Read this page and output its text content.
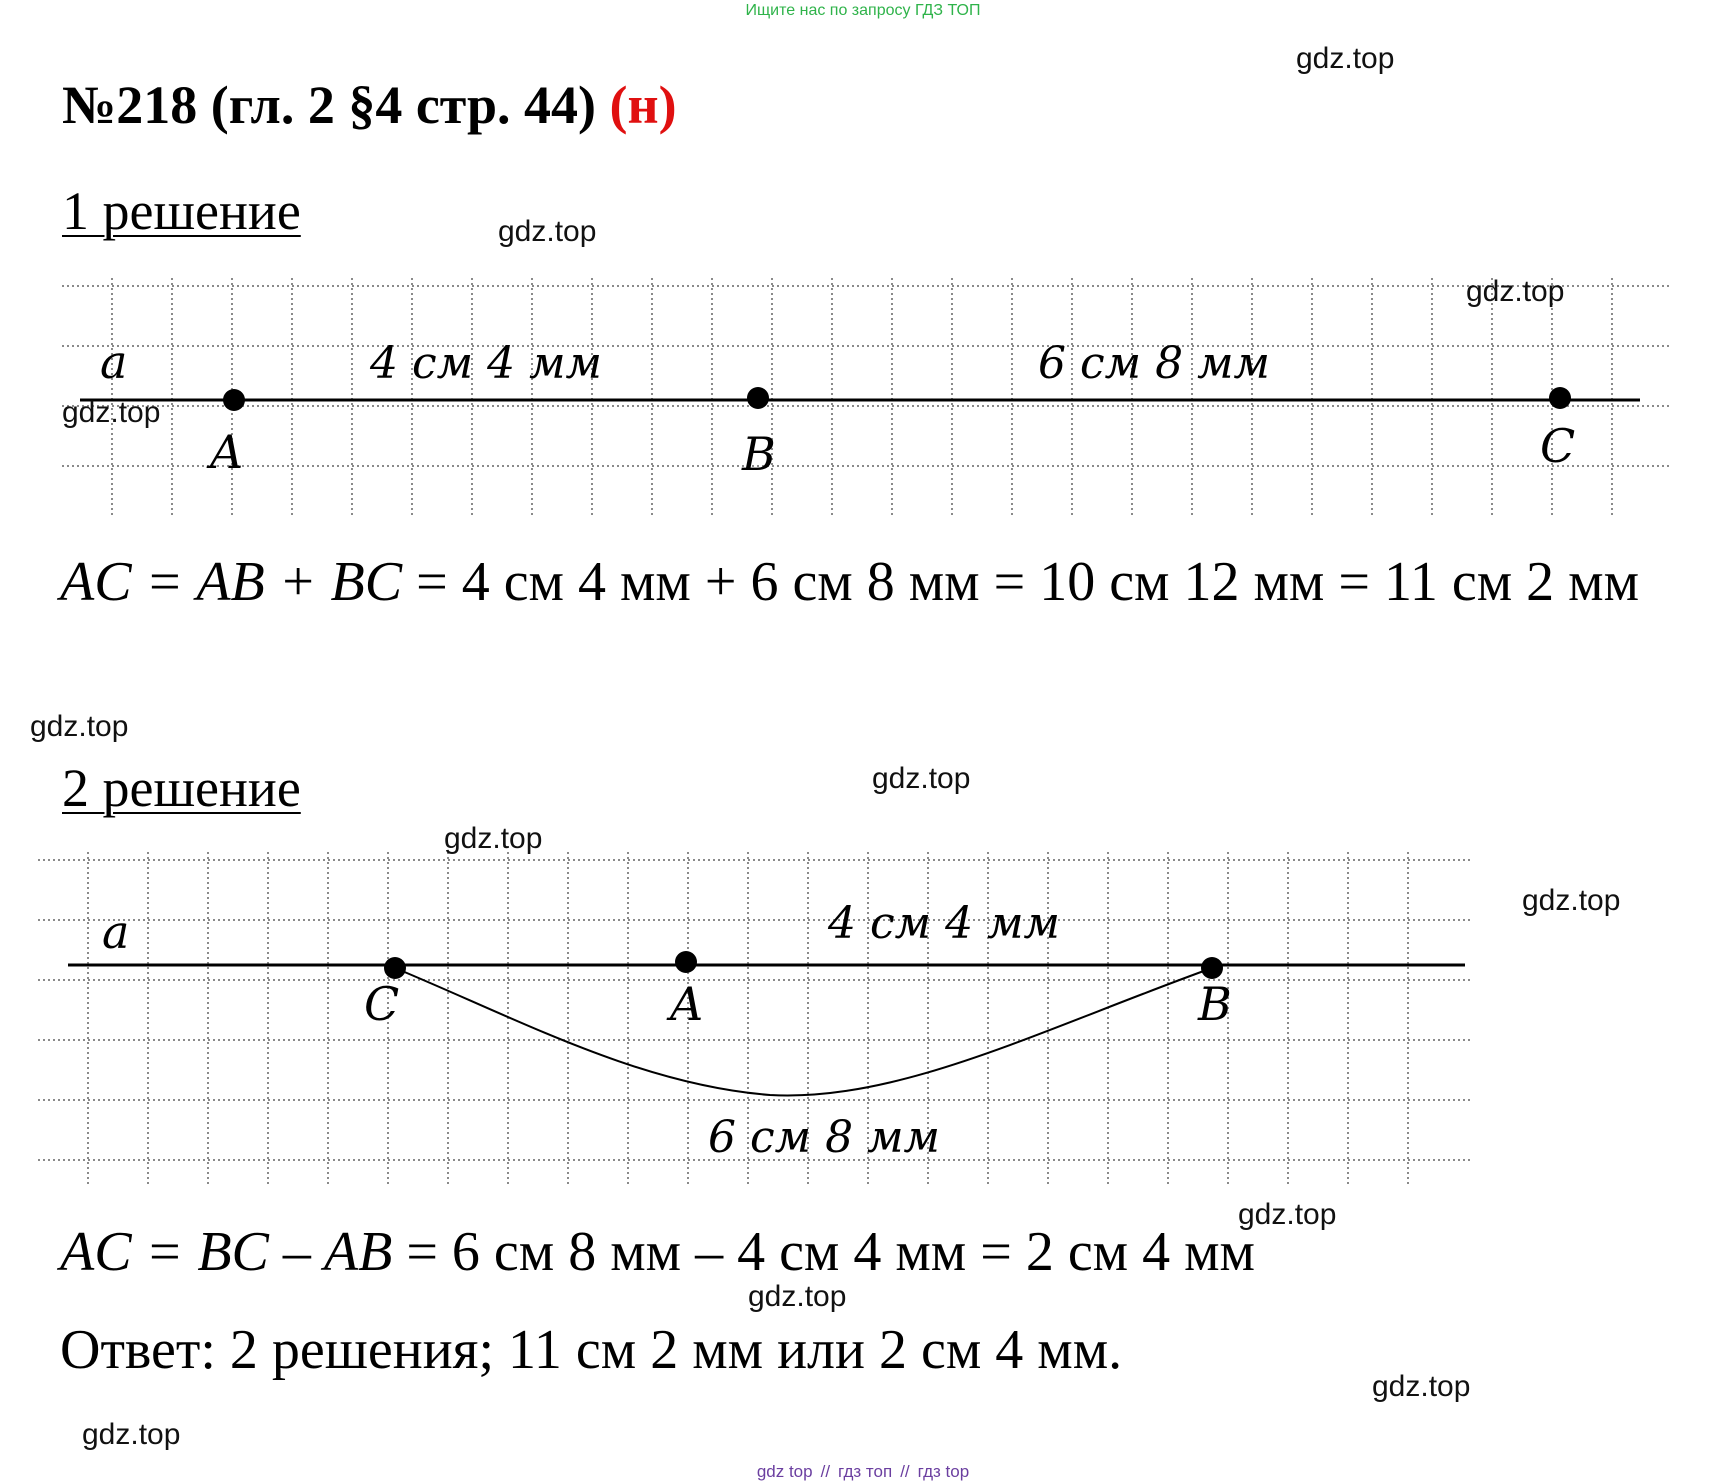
Ищите нас по запросу ГДЗ ТОП
№218 (гл. 2 §4 стр. 44) (н)
1 решение
a	4 см 4 мм	6 см 8 мм
A	B	C
AC = AB + BC = 4 см 4 мм + 6 см 8 мм = 10 см 12 мм = 11 см 2 мм
2 решение
a	4 см 4 мм
6 см 8 мм
C	A	B
AC = BC – AB = 6 см 8 мм – 4 см 4 мм = 2 см 4 мм
Ответ: 2 решения; 11 см 2 мм или 2 см 4 мм.
gdz.top
gdz.top
gdz.top
gdz.top
gdz.top
gdz.top
gdz.top
gdz.top
gdz.top
gdz.top
gdz.top
gdz.top
gdz top // гдз топ // гдз top
